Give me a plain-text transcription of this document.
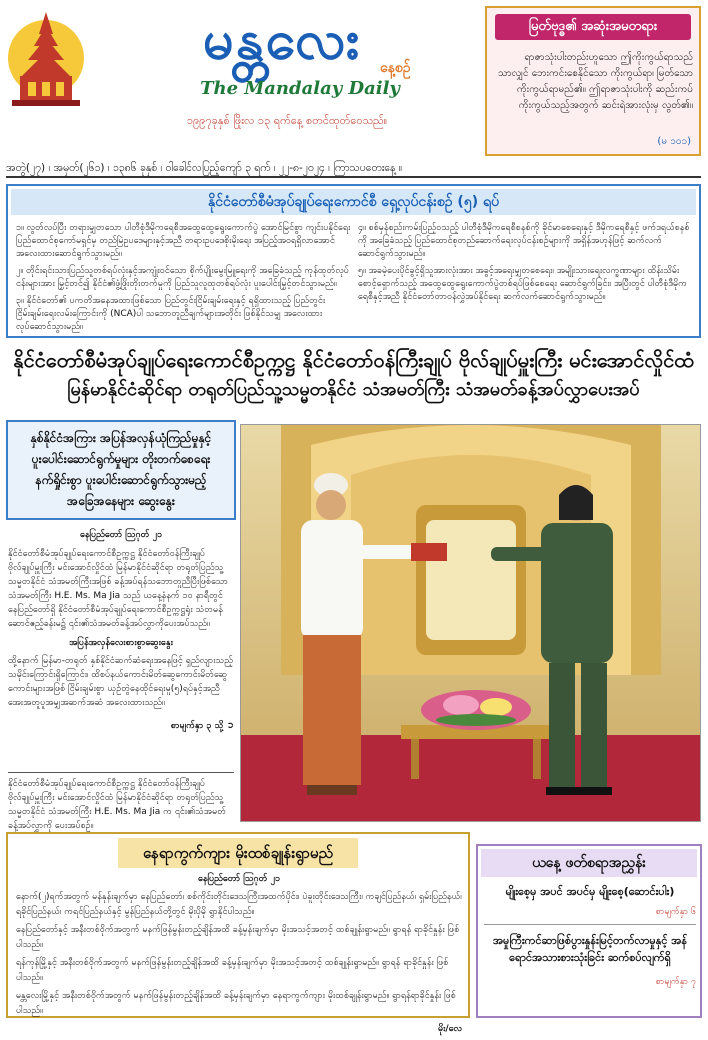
မန္တလေး	နေ့စဉ်
The Mandalay Daily
၁၉၉၇ခုနှစ် ဖြိုးလ ၁၃ ရက်နေ့ စတင်ထုတ်ဝေသည်။
မြတ်ဗုဒ္ဓ၏ အဆုံးအမတရား
ရာဇာသုံးပါးတည်းဟူသော ဤကိုးကွယ်ရာသည်သာလျှင် ဘေးကင်းစေနိုင်သော ကိုးကွယ်ရာ၊ မြတ်သော ကိုးကွယ်ရာမည်၏။ ဤရာဇာသုံးပါးကို ဆည်းကပ်ကိုးကွယ်သည့်အတွက် ဆင်းရဲအားလုံးမှ လွတ်၏။
(မ ၁၀၁)
အတွဲ(၂၇) ၊ အမှတ်(၂၆၁) ၊ ၁၃၈၆ ခုနှစ် ၊ ဝါခေါင်လပြည့်ကျော် ၃ ရက် ၊ ၂၂-၈-၂၀၂၄ ၊ ကြာသပတေးနေ့ ။
နိုင်ငံတော်စီမံအုပ်ချုပ်ရေးကောင်စီ ရှေ့လုပ်ငန်းစဉ် (၅) ရပ်
၁။ လွတ်လပ်ပြီး တရားမျှတသော ပါတီစုံဒီမိုကရေစီအထွေထွေရွေးကောက်ပွဲ အောင်မြင်စွာ ကျင်းပနိုင်ရေး ပြည်ထောင်စုကော်မရှင်မှ တည်မြဲဥပဒေများနှင့်အညီ တရားဥပဒေစိုးမိုးရေး အပြည့်အဝရရှိလာအောင် အလေးထားဆောင်ရွက်သွားမည်။
၂။ တိုင်းရင်းသားပြည်သူတစ်ရပ်လုံးနှင့်အကျုံးဝင်သော စိုက်ပျိုးမွေးမြူရေးကို အခြေခံသည့် ကုန်ထုတ်လုပ်ငန်းများအား မြှင့်တင်၍ နိုင်ငံ၏ဖွံ့ဖြိုးတိုးတက်မှုကို ပြည်သူလူထုတစ်ရပ်လုံး ပူးပေါင်းမြှင့်တင်သွားမည်။
၃။ နိုင်ငံတော်၏ ပကတိအနေအထားဖြစ်သော ပြည်တွင်းငြိမ်းချမ်းရေးနှင့် ရရှိထားသည့် ပြည်တွင်းငြိမ်းချမ်းရေးလမ်းကြောင်းကို (NCA)ပါ သဘောတူညီချက်များအတိုင်း ဖြစ်နိုင်သမျှ အလေးထား လုပ်ဆောင်သွားမည်။
၄။ စစ်မှန်စည်းကမ်းပြည့်ဝသည့် ပါတီစုံဒီမိုကရေစီစနစ်ကို ခိုင်မာစေရေးနှင့် ဒီမိုကရေစီနှင့် ဖက်ဒရယ်စနစ်ကို အခြေခံသည့် ပြည်ထောင်စုတည်ဆောက်ရေးလုပ်ငန်းစဉ်များကို အရှိန်အဟုန်ဖြင့် ဆက်လက်ဆောင်ရွက်သွားမည်။
၅။ အခမဲ့ပေးပိုင်ခွင့်ရှိသူအားလုံးအား အခွင့်အရေးမျှတစေရေး၊ အမျိုးသားရေးလက္ခဏာများ ထိန်းသိမ်းစောင့်ရှောက်သည့် အထွေထွေရွေးကောက်ပွဲတစ်ရပ်ဖြစ်စေရေး ဆောင်ရွက်ခြင်း၊ အပြီးတွင် ပါတီစုံဒီမိုကရေစီနှင့်အညီ နိုင်ငံတော်တာဝန်လွှဲအပ်နိုင်ရေး ဆက်လက်ဆောင်ရွက်သွားမည်။
နိုင်ငံတော်စီမံအုပ်ချုပ်ရေးကောင်စီဥက္ကဋ္ဌ နိုင်ငံတော်ဝန်ကြီးချုပ် ဗိုလ်ချုပ်မှူးကြီး မင်းအောင်လှိုင်ထံ
မြန်မာနိုင်ငံဆိုင်ရာ တရုတ်ပြည်သူ့သမ္မတနိုင်ငံ သံအမတ်ကြီး သံအမတ်ခန့်အပ်လွှာပေးအပ်
နှစ်နိုင်ငံအကြား အပြန်အလှန်ယုံကြည်မှုနှင့် ပူးပေါင်းဆောင်ရွက်မှုများ တိုးတက်စေရေး နက်ရှိုင်းစွာ ပူးပေါင်းဆောင်ရွက်သွားမည့် အခြေအနေများ ဆွေးနွေး

နေပြည်တော် ဩဂုတ် ၂၁

နိုင်ငံတော်စီမံအုပ်ချုပ်ရေးကောင်စီဥက္ကဋ္ဌ နိုင်ငံတော်ဝန်ကြီးချုပ် ဗိုလ်ချုပ်မှူးကြီး မင်းအောင်လှိုင်ထံ မြန်မာနိုင်ငံဆိုင်ရာ တရုတ်ပြည်သူ့သမ္မတနိုင်ငံ သံအမတ်ကြီးအဖြစ် ခန့်အပ်ရန်သဘောတူညီပြီးဖြစ်သော သံအမတ်ကြီး H.E. Ms. Ma Jia သည် ယနေ့နံနက် ၁၀ နာရီတွင် နေပြည်တော်ရှိ နိုင်ငံတော်စီမံအုပ်ချုပ်ရေးကောင်စီဥက္ကဋ္ဌရုံး သံတမန်ဆောင်ဧည့်ခန်းမ၌ ၎င်း၏သံအမတ်ခန့်အပ်လွှာကိုပေးအပ်သည်။

အပြန်အလှန်လေးစားစွာဆွေးနွေး

ထို့နောက် မြန်မာ-တရုတ် နှစ်နိုင်ငံဆက်ဆံရေးအနေဖြင့် ရှည်လျားသည့်သမိုင်းကြောင်းရှိကြောင်း၊ ထိစပ်နယ်ကောင်းမိတ်ဆွေကောင်းမိတ်ဆွေကောင်းများအဖြစ် ငြိမ်းချမ်းစွာ ယှဉ်တွဲနေထိုင်ရေးမူ(၅)ရပ်နှင့်အညီ အေးအတူပူအမျှအဆက်အဆံ အလေးထားသည်။

စာမျက်နှာ ၃ သို့ ➲

နိုင်ငံတော်စီမံအုပ်ချုပ်ရေးကောင်စီဥက္ကဋ္ဌ နိုင်ငံတော်ဝန်ကြီးချုပ် ဗိုလ်ချုပ်မှူးကြီး မင်းအောင်လှိုင်ထံ မြန်မာနိုင်ငံဆိုင်ရာ တရုတ်ပြည်သူ့သမ္မတနိုင်ငံ သံအမတ်ကြီး H.E. Ms. Ma Jia က ၎င်း၏သံအမတ်ခန့်အပ်လွှာကို ပေးအပ်စဉ်။
နေရာကွက်ကျား မိုးထစ်ချုန်းရွာမည်

နေပြည်တော် ဩဂုတ် ၂၁

နောက်(၂)ရက်အတွက် မန်နုန်းချက်မှာ နေပြည်တော်၊ စစ်ကိုင်းတိုင်းဒေသကြီးအထက်ပိုင်း၊ ပဲခူးတိုင်းဒေသကြီး၊ ကချင်ပြည်နယ်၊ ရှမ်းပြည်နယ်၊ ရခိုင်ပြည်နယ်၊ ကရင်ပြည်နယ်နှင့် မွန်ပြည်နယ်တို့တွင် မိုးပိုမို ရွာနိုင်ပါသည်။

နေပြည်တော်နှင့် အနီးတစ်ဝိုက်အတွက် မနက်ဖြန်မွန်းတည့်ချိန်အထိ ခန့်မှန်းချက်မှာ မိုးအသင့်အတင့် ထစ်ချုန်းရွာမည်။ ရွာရန် ရာခိုင်နှုန်း ဖြစ်ပါသည်။

ရန်ကုန်မြို့နှင့် အနီးတစ်ဝိုက်အတွက် မနက်ဖြန်မွန်းတည့်ချိန်အထိ ခန့်မှန်းချက်မှာ မိုးအသင့်အတင့် ထစ်ချုန်းရွာမည်။ ရွာရန် ရာခိုင်နှုန်း ဖြစ်ပါသည်။

မန္တလေးမြို့နှင့် အနီးတစ်ဝိုက်အတွက် မနက်ဖြန်မွန်းတည့်ချိန်အထိ ခန့်မှန်းချက်မှာ နေရာကွက်ကျား မိုးထစ်ချုန်းရွာမည်။ ရွာရန်ရာခိုင်နှုန်း ဖြစ်ပါသည်။

မိုး/လေ

ယနေ့ ဖတ်စရာအညွှန်း
မျိုးစေ့မှ အပင် အပင်မှ မျိုးစေ့(ဆောင်းပါး)
စာမျက်နှာ ၆
အမှုကြီးကင်ဆာဖြစ်ပွားနှုန်းမြင့်တက်လာမှုနှင့် အန်ရောင်အသားစားသုံးခြင်း ဆက်စပ်လျက်ရှိ
စာမျက်နှာ ၇
